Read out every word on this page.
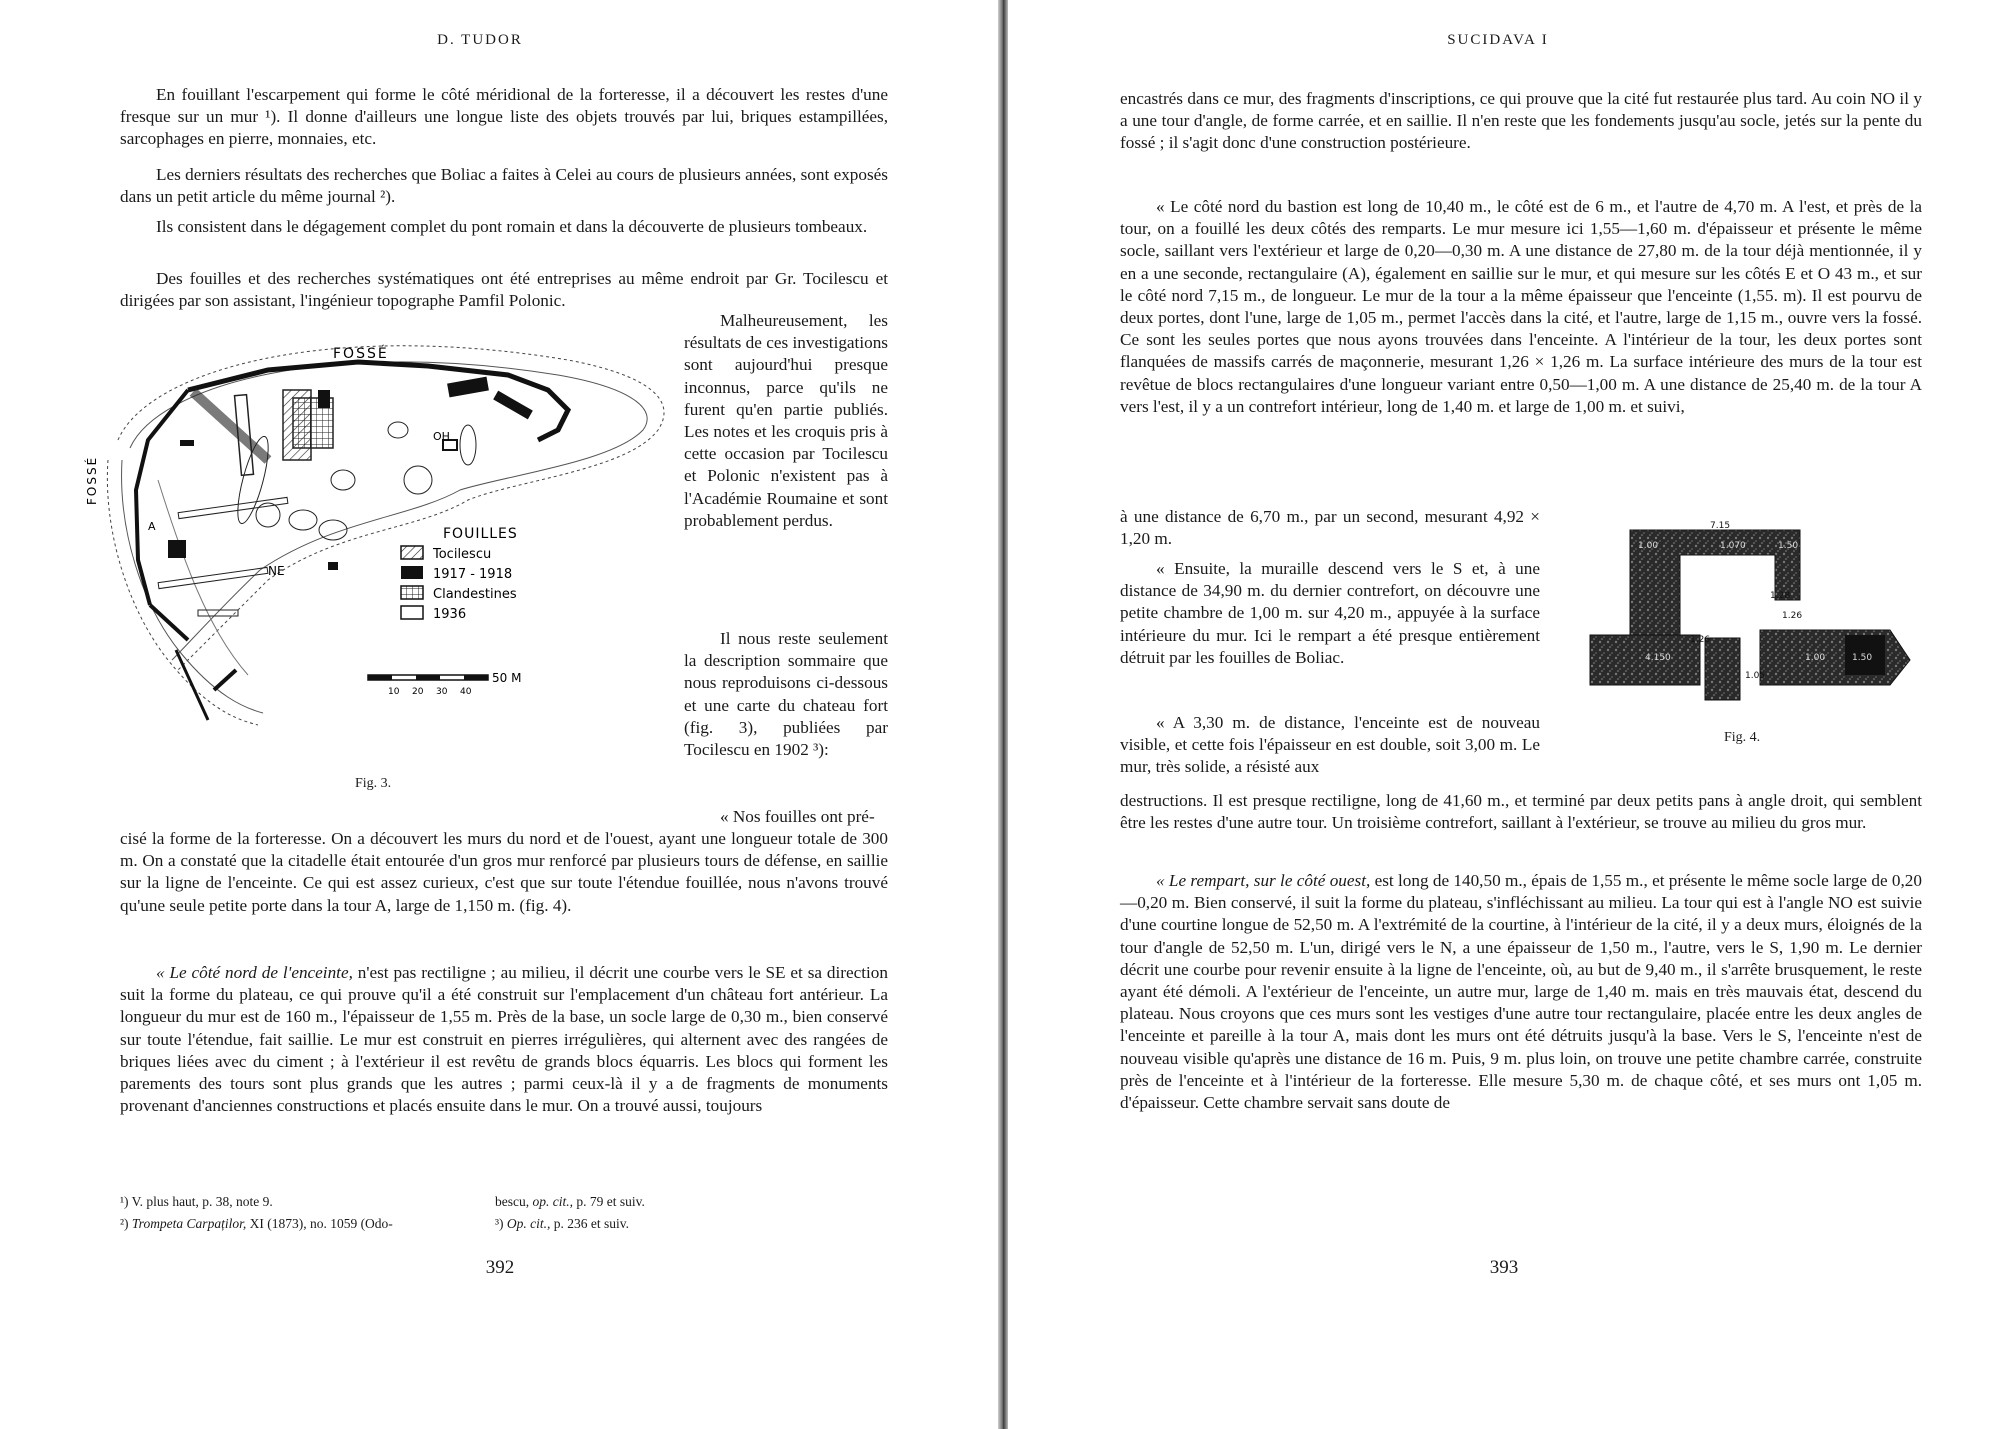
D. TUDOR

En fouillant l'escarpement qui forme le côté méridional de la forteresse, il a découvert les restes d'une fresque sur un mur ¹). Il donne d'ailleurs une longue liste des objets trouvés par lui, briques estampillées, sarcophages en pierre, monnaies, etc.

Les derniers résultats des recherches que Boliac a faites à Celei au cours de plusieurs années, sont exposés dans un petit article du même journal ²).

Ils consistent dans le dégagement complet du pont romain et dans la découverte de plusieurs tombeaux.

Des fouilles et des recherches systématiques ont été entreprises au même endroit par Gr. Tocilescu et dirigées par son assistant, l'ingénieur topographe Pamfil Polonic.

FOSSÉ
FOSSÉ
NE
OH
A	FOUILLES
Tocilescu
1917 - 1918
Clandestines
1936
50 M
10 20 30 40
Fig. 3.

Malheureusement, les résultats de ces investigations sont aujourd'hui presque inconnus, parce qu'ils ne furent qu'en partie publiés. Les notes et les croquis pris à cette occasion par Tocilescu et Polonic n'existent pas à l'Académie Roumaine et sont probablement perdus.

Il nous reste seulement la description sommaire que nous reproduisons ci-dessous et une carte du chateau fort (fig. 3), publiées par Tocilescu en 1902 ³):

« Nos fouilles ont pré-

cisé la forme de la forteresse. On a découvert les murs du nord et de l'ouest, ayant une longueur totale de 300 m. On a constaté que la citadelle était entourée d'un gros mur renforcé par plusieurs tours de défense, en saillie sur la ligne de l'enceinte. Ce qui est assez curieux, c'est que sur toute l'étendue fouillée, nous n'avons trouvé qu'une seule petite porte dans la tour A, large de 1,150 m. (fig. 4).

« Le côté nord de l'enceinte, n'est pas rectiligne ; au milieu, il décrit une courbe vers le SE et sa direction suit la forme du plateau, ce qui prouve qu'il a été construit sur l'emplacement d'un château fort antérieur. La longueur du mur est de 160 m., l'épaisseur de 1,55 m. Près de la base, un socle large de 0,30 m., bien conservé sur toute l'étendue, fait saillie. Le mur est construit en pierres irrégulières, qui alternent avec des rangées de briques liées avec du ciment ; à l'extérieur il est revêtu de grands blocs équarris. Les blocs qui forment les parements des tours sont plus grands que les autres ; parmi ceux-là il y a de fragments de monuments provenant d'anciennes constructions et placés ensuite dans le mur. On a trouvé aussi, toujours

¹) V. plus haut, p. 38, note 9.
²) Trompeta Carpaților, XI (1873), no. 1059 (Odo-
bescu, op. cit., p. 79 et suiv.
³) Op. cit., p. 236 et suiv.
392
SUCIDAVA I

encastrés dans ce mur, des fragments d'inscriptions, ce qui prouve que la cité fut restaurée plus tard. Au coin NO il y a une tour d'angle, de forme carrée, et en saillie. Il n'en reste que les fondements jusqu'au socle, jetés sur la pente du fossé ; il s'agit donc d'une construction postérieure.

« Le côté nord du bastion est long de 10,40 m., le côté est de 6 m., et l'autre de 4,70 m. A l'est, et près de la tour, on a fouillé les deux côtés des remparts. Le mur mesure ici 1,55—1,60 m. d'épaisseur et présente le même socle, saillant vers l'extérieur et large de 0,20—0,30 m. A une distance de 27,80 m. de la tour déjà mentionnée, il y en a une seconde, rectangulaire (A), également en saillie sur le mur, et qui mesure sur les côtés E et O 43 m., et sur le côté nord 7,15 m., de longueur. Le mur de la tour a la même épaisseur que l'enceinte (1,55. m). Il est pourvu de deux portes, dont l'une, large de 1,05 m., permet l'accès dans la cité, et l'autre, large de 1,15 m., ouvre vers la fossé. Ce sont les seules portes que nous ayons trouvées dans l'enceinte. A l'intérieur de la tour, les deux portes sont flanquées de massifs carrés de maçonnerie, mesurant 1,26 × 1,26 m. La surface intérieure des murs de la tour est revêtue de blocs rectangulaires d'une longueur variant entre 0,50—1,00 m. A une distance de 25,40 m. de la tour A vers l'est, il y a un contrefort intérieur, long de 1,40 m. et large de 1,00 m. et suivi,

à une distance de 6,70 m., par un second, mesurant 4,92 × 1,20 m.

« Ensuite, la muraille descend vers le S et, à une distance de 34,90 m. du dernier contrefort, on découvre une petite chambre de 1,00 m. sur 4,20 m., appuyée à la surface intérieure du mur. Ici le rempart a été presque entièrement détruit par les fouilles de Boliac.

« A 3,30 m. de distance, l'enceinte est de nouveau visible, et cette fois l'épaisseur en est double, soit 3,00 m. Le mur, très solide, a résisté aux

destructions. Il est presque rectiligne, long de 41,60 m., et terminé par deux petits pans à angle droit, qui semblent être les restes d'une autre tour. Un troisième contrefort, saillant à l'extérieur, se trouve au milieu du gros mur.

« Le rempart, sur le côté ouest, est long de 140,50 m., épais de 1,55 m., et présente le même socle large de 0,20—0,20 m. Bien conservé, il suit la forme du plateau, s'infléchissant au milieu. La tour qui est à l'angle NO est suivie d'une courtine longue de 52,50 m. A l'extrémité de la courtine, à l'intérieur de la cité, il y a deux murs, éloignés de la tour d'angle de 52,50 m. L'un, dirigé vers le N, a une épaisseur de 1,50 m., l'autre, vers le S, 1,90 m. Le dernier décrit une courbe pour revenir ensuite à la ligne de l'enceinte, où, au but de 9,40 m., il s'arrête brusquement, le reste ayant été démoli. A l'extérieur de l'enceinte, un autre mur, large de 1,40 m. mais en très mauvais état, descend du plateau. Nous croyons que ces murs sont les vestiges d'une autre tour rectangulaire, placée entre les deux angles de l'enceinte et pareille à la tour A, mais dont les murs ont été détruits jusqu'à la base. Vers le S, l'enceinte n'est de nouveau visible qu'après une distance de 16 m. Puis, 9 m. plus loin, on trouve une petite chambre carrée, construite près de l'enceinte et à l'intérieur de la forteresse. Elle mesure 5,30 m. de chaque côté, et ses murs ont 1,05 m. d'épaisseur. Cette chambre servait sans doute de

7.15
1.00	1.070	1.50
1.26
1.26
1.28
1.05
4.150	1.00	1.50
Fig. 4.
393
